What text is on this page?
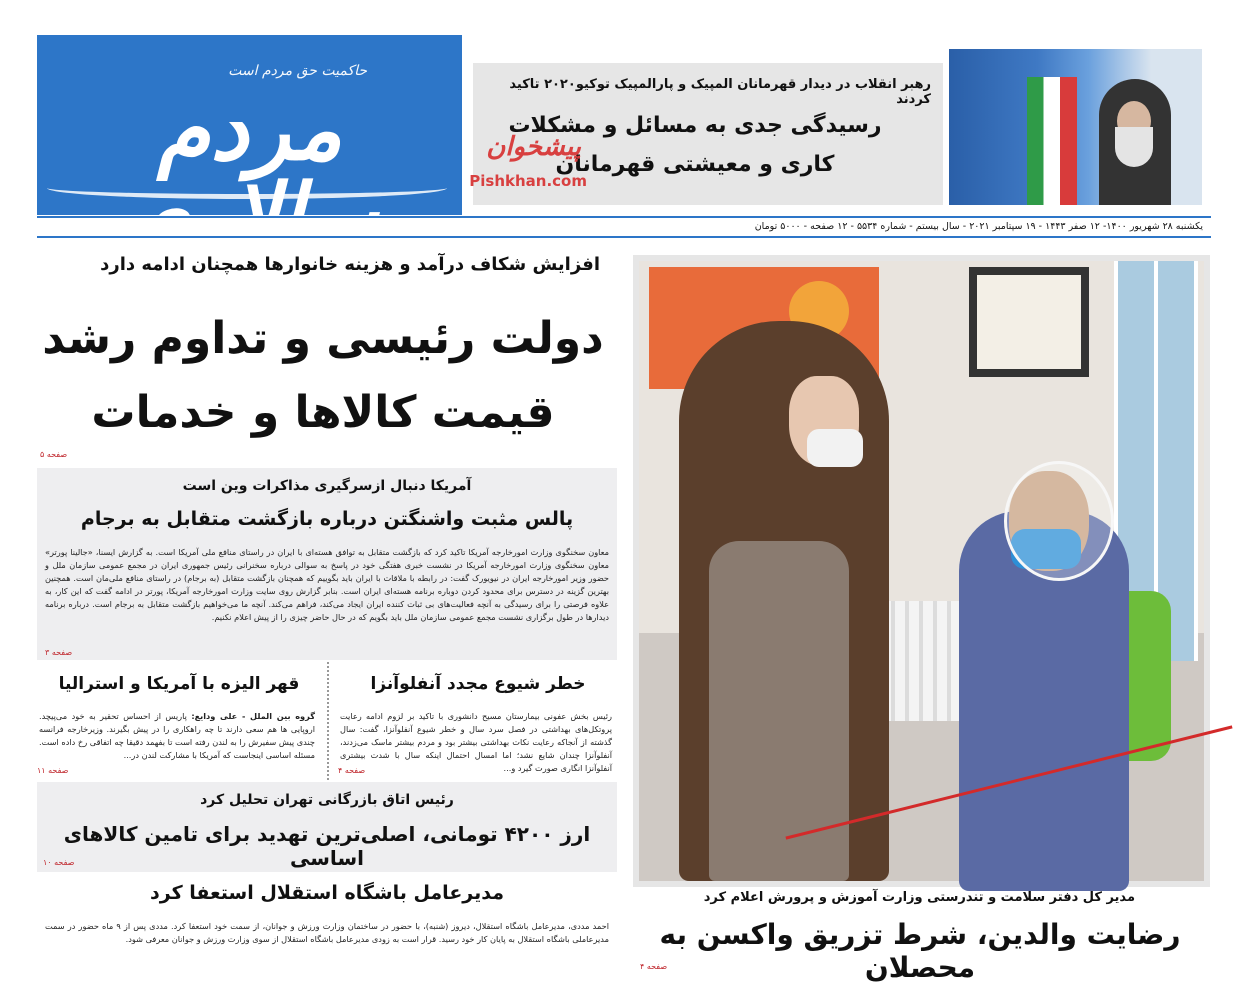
حاکمیت حق مردم است
مردم سالاری
رهبر انقلاب در دیدار قهرمانان المپیک و پارالمپیک توکیو۲۰۲۰ تاکید کردند
رسیدگی جدی به مسائل و مشکلات کاری و معیشتی قهرمانان
پیشخوان
Pishkhan.com
یکشنبه ۲۸ شهریور ۱۴۰۰- ۱۲ صفر ۱۴۴۳ - ۱۹ سپتامبر ۲۰۲۱ - سال بیستم - شماره ۵۵۳۴ - ۱۲ صفحه - ۵۰۰۰ تومان
افزایش شکاف درآمد و هزینه خانوارها همچنان ادامه دارد
دولت رئیسی و تداوم رشد
قیمت کالاها و خدمات
صفحه ۵
آمریکا دنبال ازسرگیری مذاکرات وین است
پالس مثبت واشنگتن درباره بازگشت متقابل به برجام
معاون سخنگوی وزارت امورخارجه آمریکا تاکید کرد که بازگشت متقابل به توافق هسته‌ای با ایران در راستای منافع ملی آمریکا است. به گزارش ایسنا، «جالینا پورتر» معاون سخنگوی وزارت امورخارجه آمریکا در نشست خبری هفتگی خود در پاسخ به سوالی درباره سخنرانی رئیس جمهوری ایران در مجمع عمومی سازمان ملل و حضور وزیر امورخارجه ایران در نیویورک گفت: در رابطه با ملاقات با ایران باید بگوییم که همچنان بازگشت متقابل (به برجام) در راستای منافع ملی‌مان است. همچنین بهترین گزینه در دسترس برای محدود کردن دوباره برنامه هسته‌ای ایران است. بنابر گزارش روی سایت وزارت امورخارجه آمریکا، پورتر در ادامه گفت که این کار، به علاوه فرصتی را برای رسیدگی به آنچه فعالیت‌های بی ثبات کننده ایران ایجاد می‌کند، فراهم می‌کند. آنچه ما می‌خواهیم بازگشت متقابل به برجام است. درباره برنامه دیدارها در طول برگزاری نشست مجمع عمومی سازمان ملل باید بگویم که در حال حاضر چیزی را از پیش اعلام نکنیم.
صفحه ۳
خطر شیوع مجدد آنفلوآنزا
رئیس بخش عفونی بیمارستان مسیح دانشوری با تاکید بر لزوم ادامه رعایت پروتکل‌های بهداشتی در فصل سرد سال و خطر شیوع آنفلوآنزا، گفت: سال گذشته از آنجاکه رعایت نکات بهداشتی بیشتر بود و مردم بیشتر ماسک می‌زدند، آنفلوآنزا چندان شایع نشد؛ اما امسال احتمال اینکه سال با شدت بیشتری آنفلوآنزا انگاری صورت گیرد و...
صفحه ۴
قهر الیزه با آمریکا و استرالیا
گروه بین الملل - علی ودایع: پاریس از احساس تحقیر به خود می‌پیچد. اروپایی ها هم سعی دارند تا چه راهکاری را در پیش بگیرند. وزیرخارجه فرانسه چندی پیش سفیرش را به لندن رفته است تا بفهمد دقیقا چه اتفاقی رخ داده است. مسئله اساسی اینجاست که آمریکا با مشارکت لندن در...
صفحه ۱۱
رئیس اتاق بازرگانی تهران تحلیل کرد
ارز ۴۲۰۰ تومانی، اصلی‌ترین تهدید برای تامین کالاهای اساسی
صفحه ۱۰
مدیرعامل باشگاه استقلال استعفا کرد
احمد مددی، مدیرعامل باشگاه استقلال، دیروز (شنبه)، با حضور در ساختمان وزارت ورزش و جوانان، از سمت خود استعفا کرد. مددی پس از ۹ ماه حضور در سمت مدیرعاملی باشگاه استقلال به پایان کار خود رسید. قرار است به زودی مدیرعامل باشگاه استقلال از سوی وزارت ورزش و جوانان معرفی شود.
مدیر کل دفتر سلامت و تندرستی وزارت آموزش و پرورش اعلام کرد
رضایت والدین، شرط تزریق واکسن به محصلان
صفحه ۴
